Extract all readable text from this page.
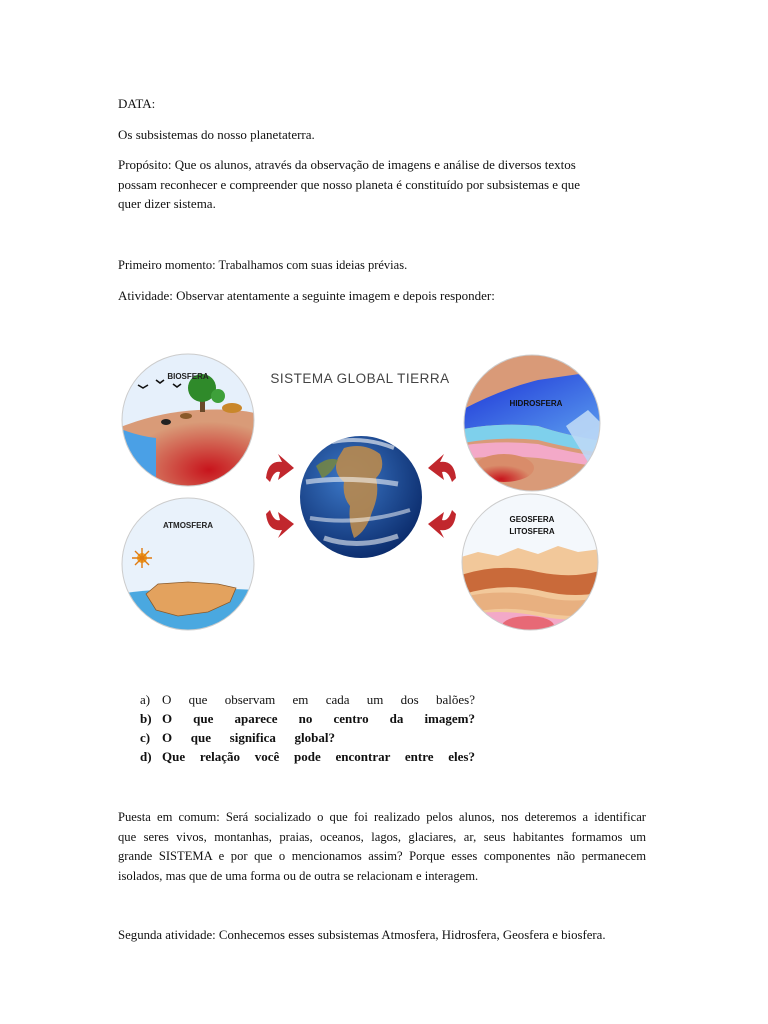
DATA:
Os subsistemas do nosso planetaterra.
Propósito: Que os alunos, através da observação de imagens e análise de diversos textos
possam reconhecer e compreender que nosso planeta é constituído por subsistemas e que
quer dizer sistema.
Primeiro momento: Trabalhamos com suas ideias prévias.
Atividade: Observar atentamente a seguinte imagem e depois responder:
SISTEMA GLOBAL TIERRA
BIOSFERA
ATMOSFERA
HIDROSFERA
GEOSFERA
LITOSFERA
a) O que observam em cada um dos balões?
b) O que aparece no centro da imagem?
c) O que significa global?
d) Que relação você pode encontrar entre eles?
Puesta em comum: Será socializado o que foi realizado pelos alunos, nos deteremos a identificar
que seres vivos, montanhas, praias, oceanos, lagos, glaciares, ar, seus habitantes formamos um
grande SISTEMA e por que o mencionamos assim? Porque esses componentes não permanecem
isolados, mas que de uma forma ou de outra se relacionam e interagem.
Segunda atividade: Conhecemos esses subsistemas Atmosfera, Hidrosfera, Geosfera e biosfera.
